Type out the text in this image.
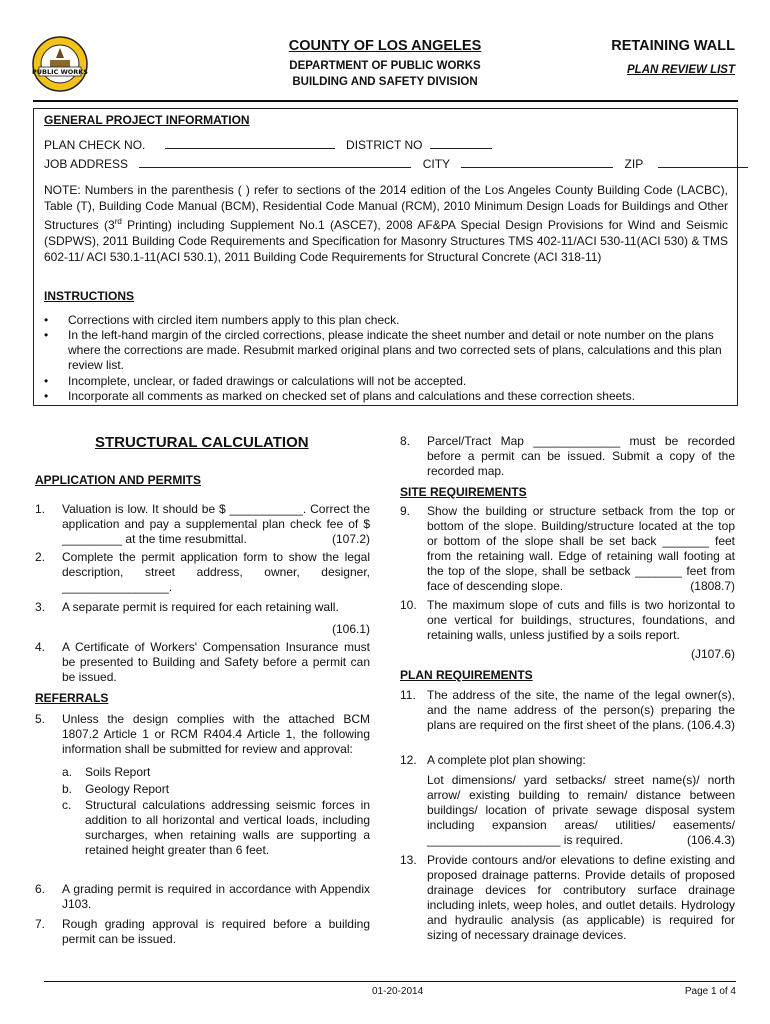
PUBLIC WORKS
COUNTY OF LOS ANGELES
DEPARTMENT OF PUBLIC WORKS
BUILDING AND SAFETY DIVISION
RETAINING WALL
PLAN REVIEW LIST
GENERAL PROJECT INFORMATION
PLAN CHECK NO.	DISTRICT NO
JOB ADDRESS	CITY	ZIP
NOTE: Numbers in the parenthesis ( ) refer to sections of the 2014 edition of the Los Angeles County Building Code (LACBC), Table (T), Building Code Manual (BCM), Residential Code Manual (RCM), 2010 Minimum Design Loads for Buildings and Other Structures (3rd Printing) including Supplement No.1 (ASCE7), 2008 AF&PA Special Design Provisions for Wind and Seismic (SDPWS), 2011 Building Code Requirements and Specification for Masonry Structures TMS 402-11/ACI 530-11(ACI 530) & TMS 602-11/ ACI 530.1-11(ACI 530.1), 2011 Building Code Requirements for Structural Concrete (ACI 318-11)
INSTRUCTIONS
• Corrections with circled item numbers apply to this plan check.
• In the left-hand margin of the circled corrections, please indicate the sheet number and detail or note number on the plans where the corrections are made. Resubmit marked original plans and two corrected sets of plans, calculations and this plan review list.
• Incomplete, unclear, or faded drawings or calculations will not be accepted.
• Incorporate all comments as marked on checked set of plans and calculations and these correction sheets.
STRUCTURAL CALCULATION
APPLICATION AND PERMITS
1. Valuation is low. It should be $ ___________. Correct the application and pay a supplemental plan check fee of $ _________ at the time resubmittal.	(107.2)
2. Complete the permit application form to show the legal description, street address, owner, designer, ________________.
3. A separate permit is required for each retaining wall.
(106.1)
4. A Certificate of Workers' Compensation Insurance must be presented to Building and Safety before a permit can be issued.
REFERRALS
5. Unless the design complies with the attached BCM 1807.2 Article 1 or RCM R404.4 Article 1, the following information shall be submitted for review and approval:
a. Soils Report
b. Geology Report
c. Structural calculations addressing seismic forces in addition to all horizontal and vertical loads, including surcharges, when retaining walls are supporting a retained height greater than 6 feet.
6. A grading permit is required in accordance with Appendix J103.
7. Rough grading approval is required before a building permit can be issued.
8. Parcel/Tract Map _____________ must be recorded before a permit can be issued. Submit a copy of the recorded map.
SITE REQUIREMENTS
9. Show the building or structure setback from the top or bottom of the slope. Building/structure located at the top or bottom of the slope shall be set back _______ feet from the retaining wall. Edge of retaining wall footing at the top of the slope, shall be setback _______ feet from face of descending slope.	(1808.7)
10. The maximum slope of cuts and fills is two horizontal to one vertical for buildings, structures, foundations, and retaining walls, unless justified by a soils report.
(J107.6)
PLAN REQUIREMENTS
11. The address of the site, the name of the legal owner(s), and the name address of the person(s) preparing the plans are required on the first sheet of the plans. (106.4.3)
12. A complete plot plan showing:
Lot dimensions/ yard setbacks/ street name(s)/ north arrow/ existing building to remain/ distance between buildings/ location of private sewage disposal system including expansion areas/ utilities/ easements/ ____________________ is required.	(106.4.3)
13. Provide contours and/or elevations to define existing and proposed drainage patterns. Provide details of proposed drainage devices for contributory surface drainage including inlets, weep holes, and outlet details. Hydrology and hydraulic analysis (as applicable) is required for sizing of necessary drainage devices.
01-20-2014	Page 1 of 4
